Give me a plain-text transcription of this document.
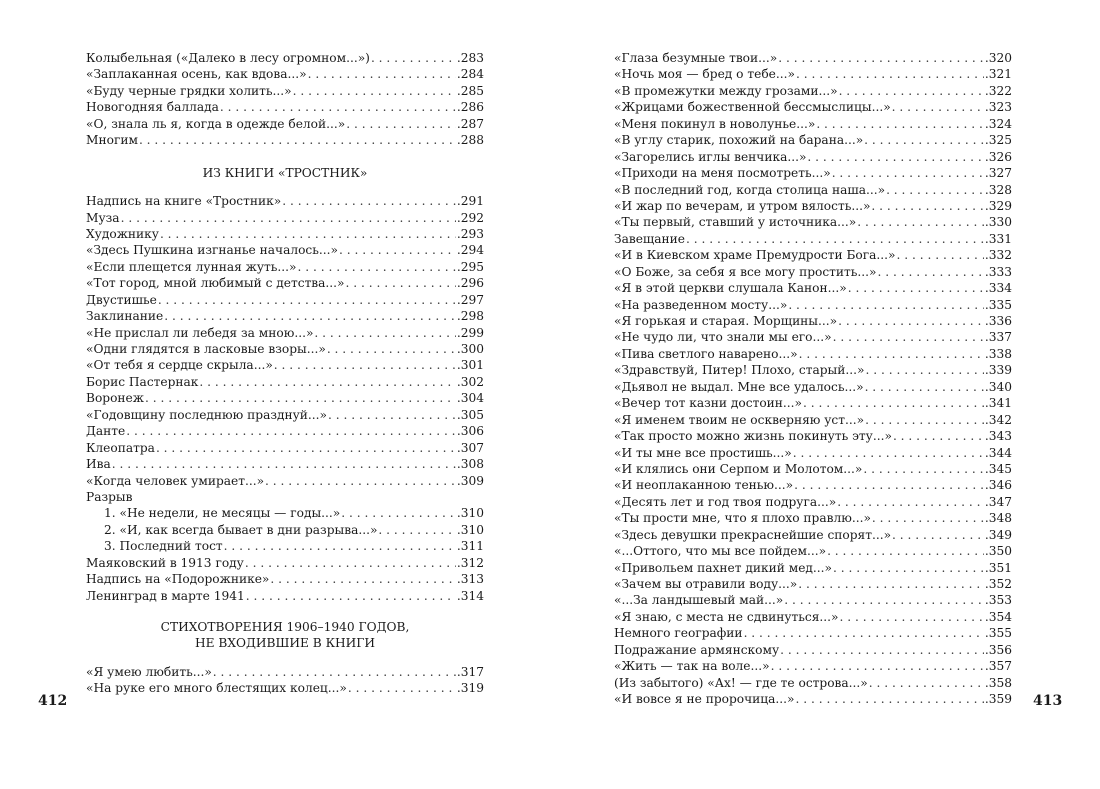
Колыбельная («Далеко в лесу огромном...») . . .	.283
«Заплаканная осень, как вдова...» . . .	.284
«Буду черные грядки холить...» . . .	.285
Новогодняя баллада . . .	.286
«О, знала ль я, когда в одежде белой...» . . .	.287
Многим . . .	.288
ИЗ КНИГИ «ТРОСТНИК»
Надпись на книге «Тростник» . . .	.291
Муза . . .	.292
Художнику . . .	.293
«Здесь Пушкина изгнанье началось...» . . .	.294
«Если плещется лунная жуть...» . . .	.295
«Тот город, мной любимый с детства...» . . .	.296
Двустишье . . .	.297
Заклинание . . .	.298
«Не прислал ли лебедя за мною...» . . .	.299
«Одни глядятся в ласковые взоры...» . . .	.300
«От тебя я сердце скрыла...» . . .	.301
Борис Пастернак . . .	.302
Воронеж . . .	.304
«Годовщину последнюю празднуй...» . . .	.305
Данте . . .	.306
Клеопатра . . .	.307
Ива . . .	.308
«Когда человек умирает...» . . .	.309
Разрыв
1. «Не недели, не месяцы — годы...» . . .	.310
2. «И, как всегда бывает в дни разрыва...» . . .	.310
3. Последний тост . . .	.311
Маяковский в 1913 году . . .	.312
Надпись на «Подорожнике» . . .	.313
Ленинград в марте 1941 . . .	.314
СТИХОТВОРЕНИЯ 1906–1940 ГОДОВ,
НЕ ВХОДИВШИЕ В КНИГИ
«Я умею любить...» . . .	.317
«На руке его много блестящих колец...» . . .	.319
«Глаза безумные твои...» . . .	.320
«Ночь моя — бред о тебе...» . . .	.321
«В промежутки между грозами...» . . .	.322
«Жрицами божественной бессмыслицы...» . . .	.323
«Меня покинул в новолунье...» . . .	.324
«В углу старик, похожий на барана...» . . .	.325
«Загорелись иглы венчика...» . . .	.326
«Приходи на меня посмотреть...» . . .	.327
«В последний год, когда столица наша...» . . .	.328
«И жар по вечерам, и утром вялость...» . . .	.329
«Ты первый, ставший у источника...» . . .	.330
Завещание . . .	.331
«И в Киевском храме Премудрости Бога...» . . .	.332
«О Боже, за себя я все могу простить...» . . .	.333
«Я в этой церкви слушала Канон...» . . .	.334
«На разведенном мосту...» . . .	.335
«Я горькая и старая. Морщины...» . . .	.336
«Не чудо ли, что знали мы его...» . . .	.337
«Пива светлого наварено...» . . .	.338
«Здравствуй, Питер! Плохо, старый...» . . .	.339
«Дьявол не выдал. Мне все удалось...» . . .	.340
«Вечер тот казни достоин...» . . .	.341
«Я именем твоим не оскверняю уст...» . . .	.342
«Так просто можно жизнь покинуть эту...» . . .	.343
«И ты мне все простишь...» . . .	.344
«И клялись они Серпом и Молотом...» . . .	.345
«И неоплаканною тенью...» . . .	.346
«Десять лет и год твоя подруга...» . . .	.347
«Ты прости мне, что я плохо правлю...» . . .	.348
«Здесь девушки прекраснейшие спорят...» . . .	.349
«...Оттого, что мы все пойдем...» . . .	.350
«Привольем пахнет дикий мед...» . . .	.351
«Зачем вы отравили воду...» . . .	.352
«...За ландышевый май...» . . .	.353
«Я знаю, с места не сдвинуться...» . . .	.354
Немного географии . . .	.355
Подражание армянскому . . .	.356
«Жить — так на воле...» . . .	.357
(Из забытого) «Ах! — где те острова...» . . .	.358
«И вовсе я не пророчица...» . . .	.359
412	413
